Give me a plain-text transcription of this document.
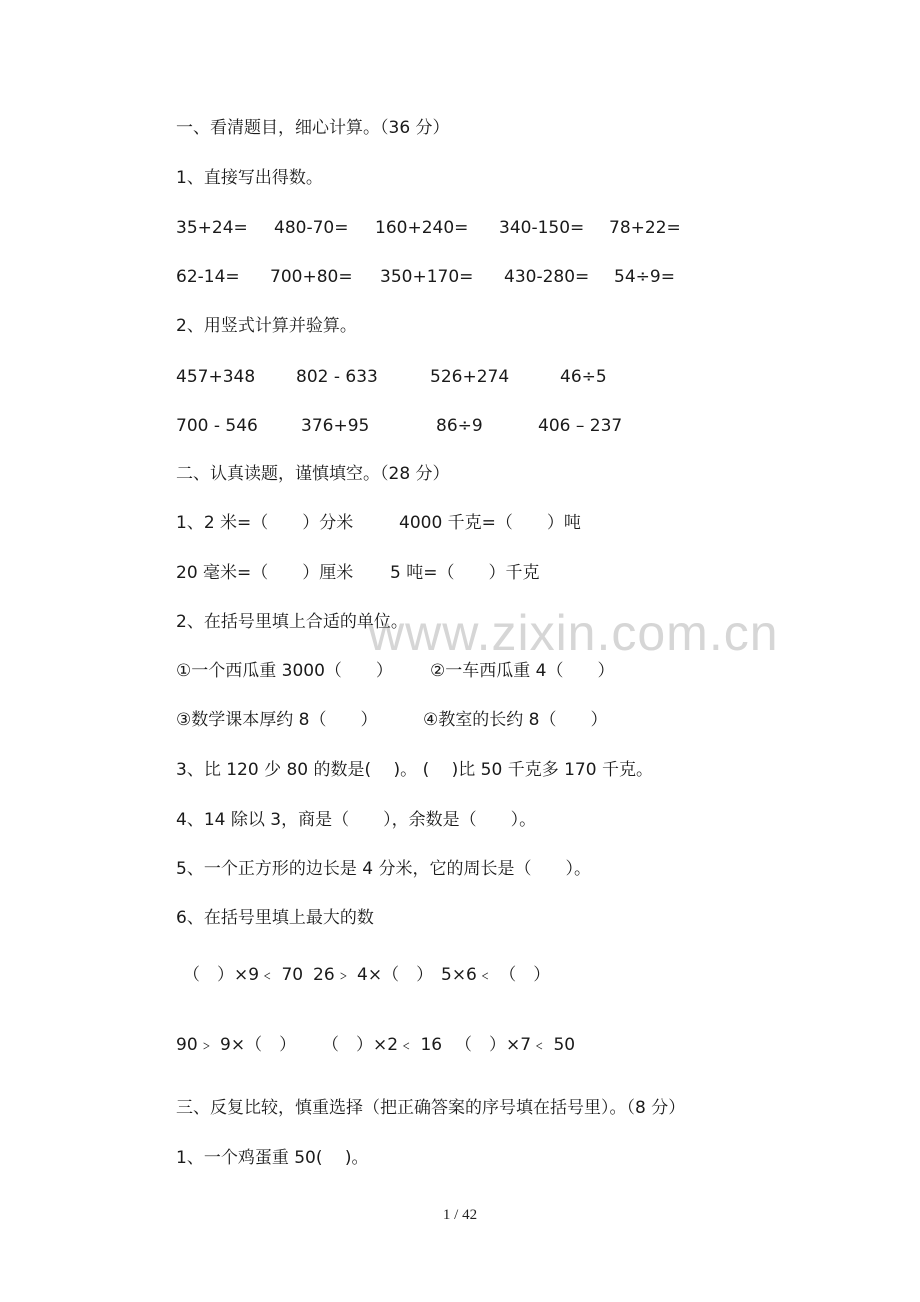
www.zixin.com.cn
一、看清题目，细心计算。（36 分）
1、直接写出得数。
35+24= 480-70= 160+240= 340-150= 78+22=
62-14= 700+80= 350+170= 430-280= 54÷9=
2、用竖式计算并验算。
457+348 802 - 633	526+274	46÷5
700 - 546	376+95	86÷9	406 – 237
二、认真读题，谨慎填空。（28 分）
1、2 米=（　　）分米	4000 千克=（　　）吨
20 毫米=（　　）厘米 5 吨=（　　）千克
2、在括号里填上合适的单位。
①一个西瓜重 3000（　　） ②一车西瓜重 4（　　）
③数学课本厚约 8（　　）	④教室的长约 8（　　）
3、比 120 少 80 的数是(　 )。 (　 )比 50 千克多 170 千克。
4、14 除以 3，商是（　　），余数是（　　）。
5、一个正方形的边长是 4 分米，它的周长是（　　）。
6、在括号里填上最大的数
（　）×9﹤ 70 26﹥ 4×（　） 5×6﹤ （　）
90﹥ 9×（　） （　）×2﹤ 16 （　）×7﹤ 50
三、反复比较，慎重选择（把正确答案的序号填在括号里）。（8 分）
1、一个鸡蛋重 50(　 )。
1 / 42
